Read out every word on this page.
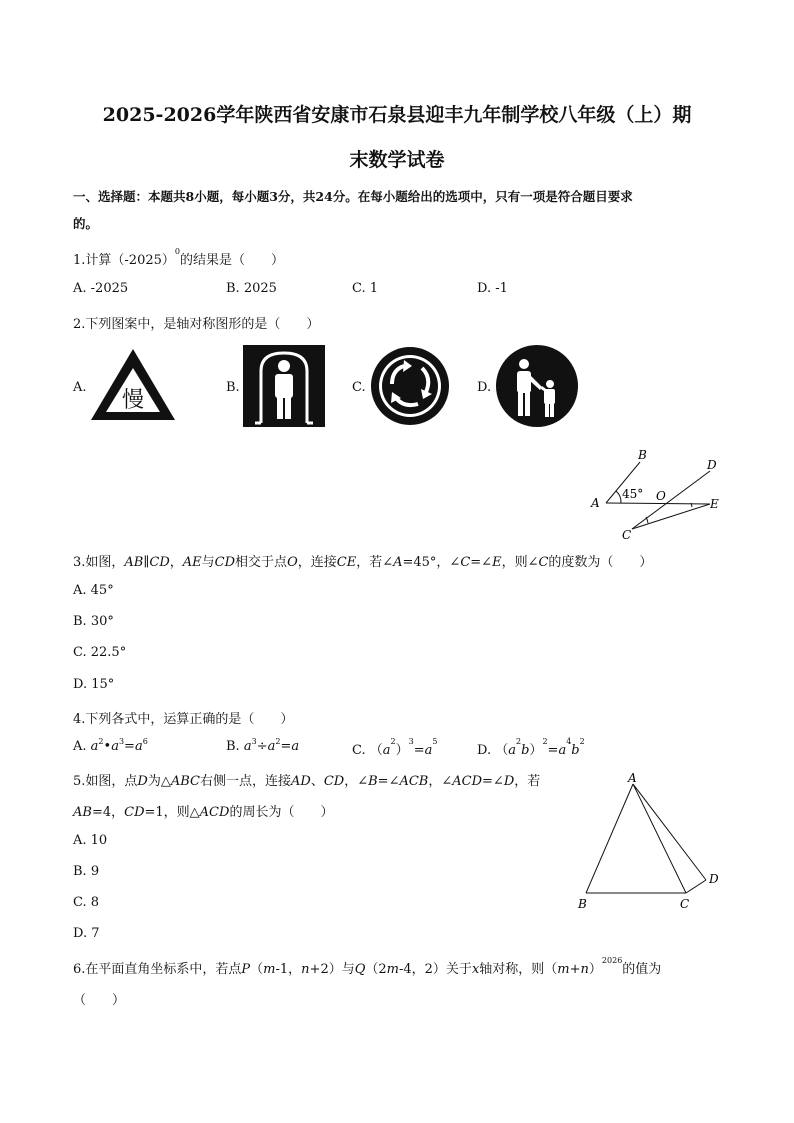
2025-2026学年陕西省安康市石泉县迎丰九年制学校八年级（上）期
末数学试卷
一、选择题：本题共8小题，每小题3分，共24分。在每小题给出的选项中，只有一项是符合题目要求
的。
1.计算$(-2025)^0$的结果是（　　）
A. -2025	B. 2025	C. 1	D. -1
2.下列图案中，是轴对称图形的是（　　）
A.	B.	C.	D.
慢
B
D
A
45° O
E
C
3.如图，AB∥CD，AE与CD相交于点O，连接CE，若∠A=45°，∠C=∠E，则∠C的度数为（　　）
A. 45°
B. 30°
C. 22.5°
D. 15°
4.下列各式中，运算正确的是（　　）
A. $a^2•a^3=a^6$	B. $a^3\div a^2=a$	C. $(a^2)^3=a^5$
D. $(a^2b)^2=a^4b^2$
5.如图，点D为△ABC右侧一点，连接AD、CD，∠B=∠ACB，∠ACD=∠D，若
AB=4，CD=1，则△ACD的周长为（　　）
A. 10
B. 9
C. 8
D. 7
A
B	C
D
6.在平面直角坐标系中，若点P（m-1，n+2）与Q（2m-4，2）关于x轴对称，则$(m+n)^{2026}$的值为
（　　）
